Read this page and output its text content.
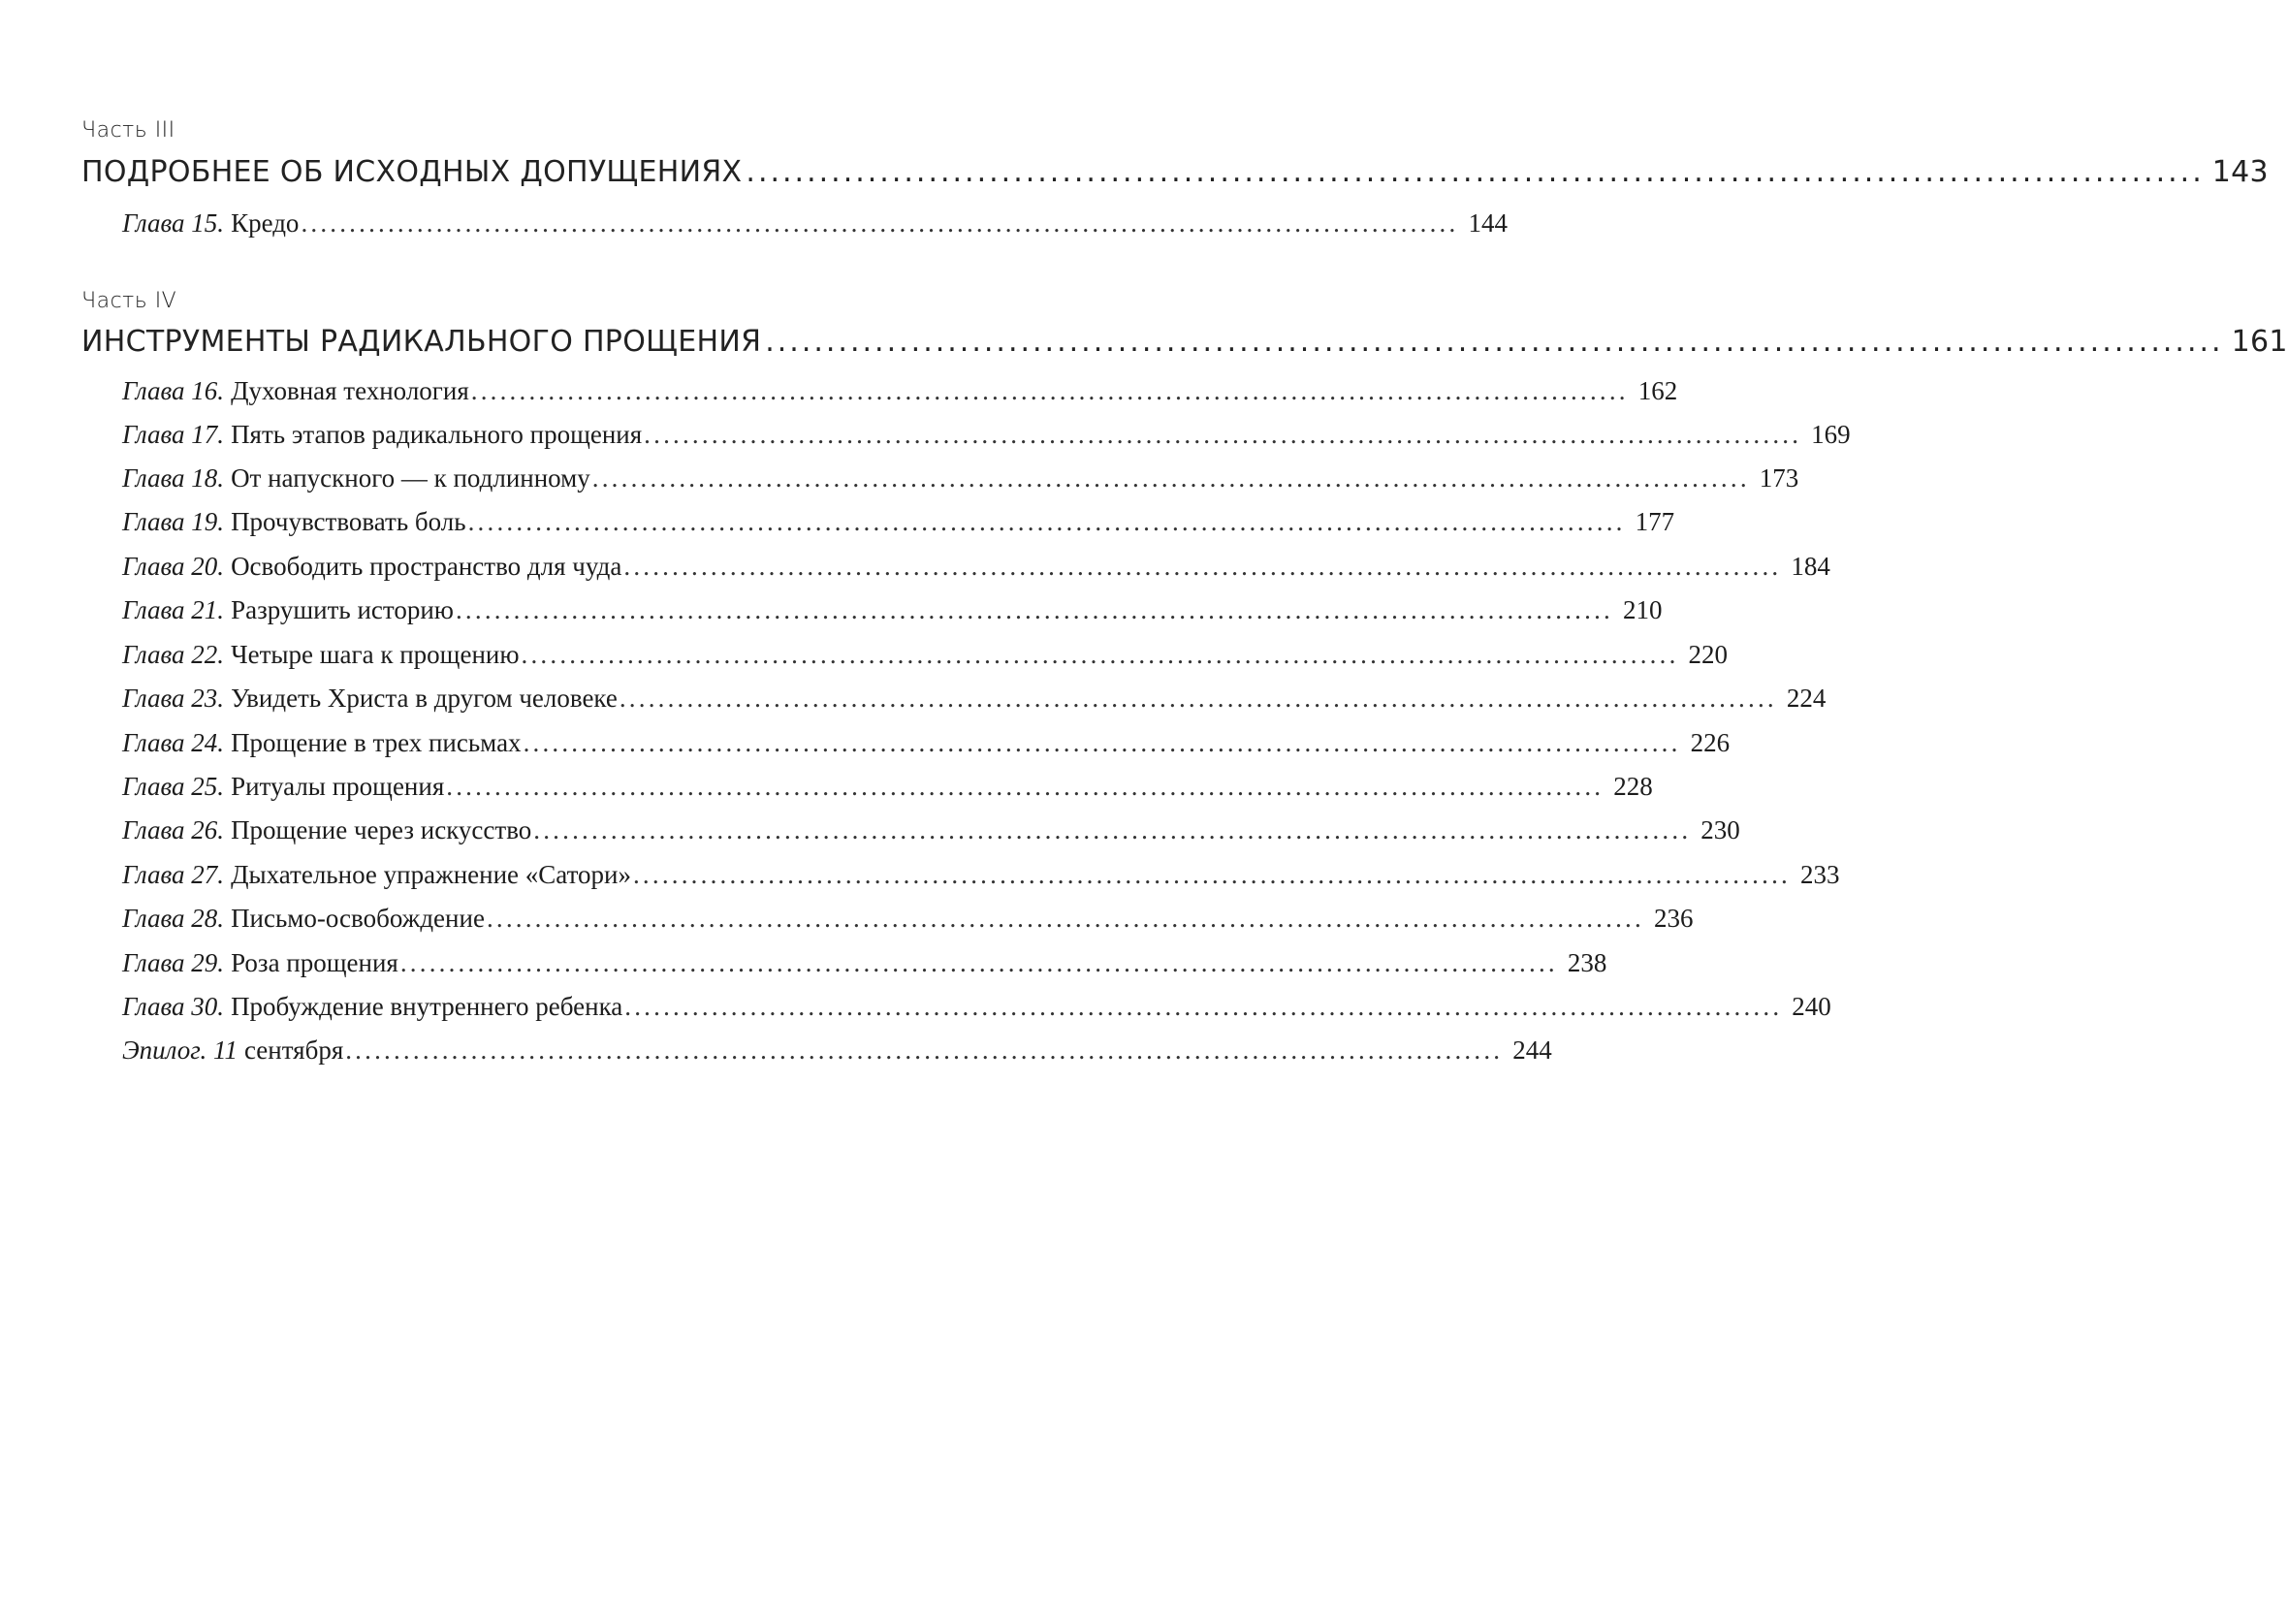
Часть III
ПОДРОБНЕЕ ОБ ИСХОДНЫХ ДОПУЩЕНИЯХ ........................................................................................................................ 143
Глава 15. Кредо ........................................................................................................................ 144
Часть IV
ИНСТРУМЕНТЫ РАДИКАЛЬНОГО ПРОЩЕНИЯ ........................................................................................................................ 161
Глава 16. Духовная технология ........................................................................................................................ 162
Глава 17. Пять этапов радикального прощения ........................................................................................................................ 169
Глава 18. От напускного — к подлинному ........................................................................................................................ 173
Глава 19. Прочувствовать боль ........................................................................................................................ 177
Глава 20. Освободить пространство для чуда ........................................................................................................................ 184
Глава 21. Разрушить историю ........................................................................................................................ 210
Глава 22. Четыре шага к прощению ........................................................................................................................ 220
Глава 23. Увидеть Христа в другом человеке ........................................................................................................................ 224
Глава 24. Прощение в трех письмах ........................................................................................................................ 226
Глава 25. Ритуалы прощения ........................................................................................................................ 228
Глава 26. Прощение через искусство ........................................................................................................................ 230
Глава 27. Дыхательное упражнение «Сатори» ........................................................................................................................ 233
Глава 28. Письмо-освобождение ........................................................................................................................ 236
Глава 29. Роза прощения ........................................................................................................................ 238
Глава 30. Пробуждение внутреннего ребенка ........................................................................................................................ 240
Эпилог. 11 сентября ........................................................................................................................ 244
